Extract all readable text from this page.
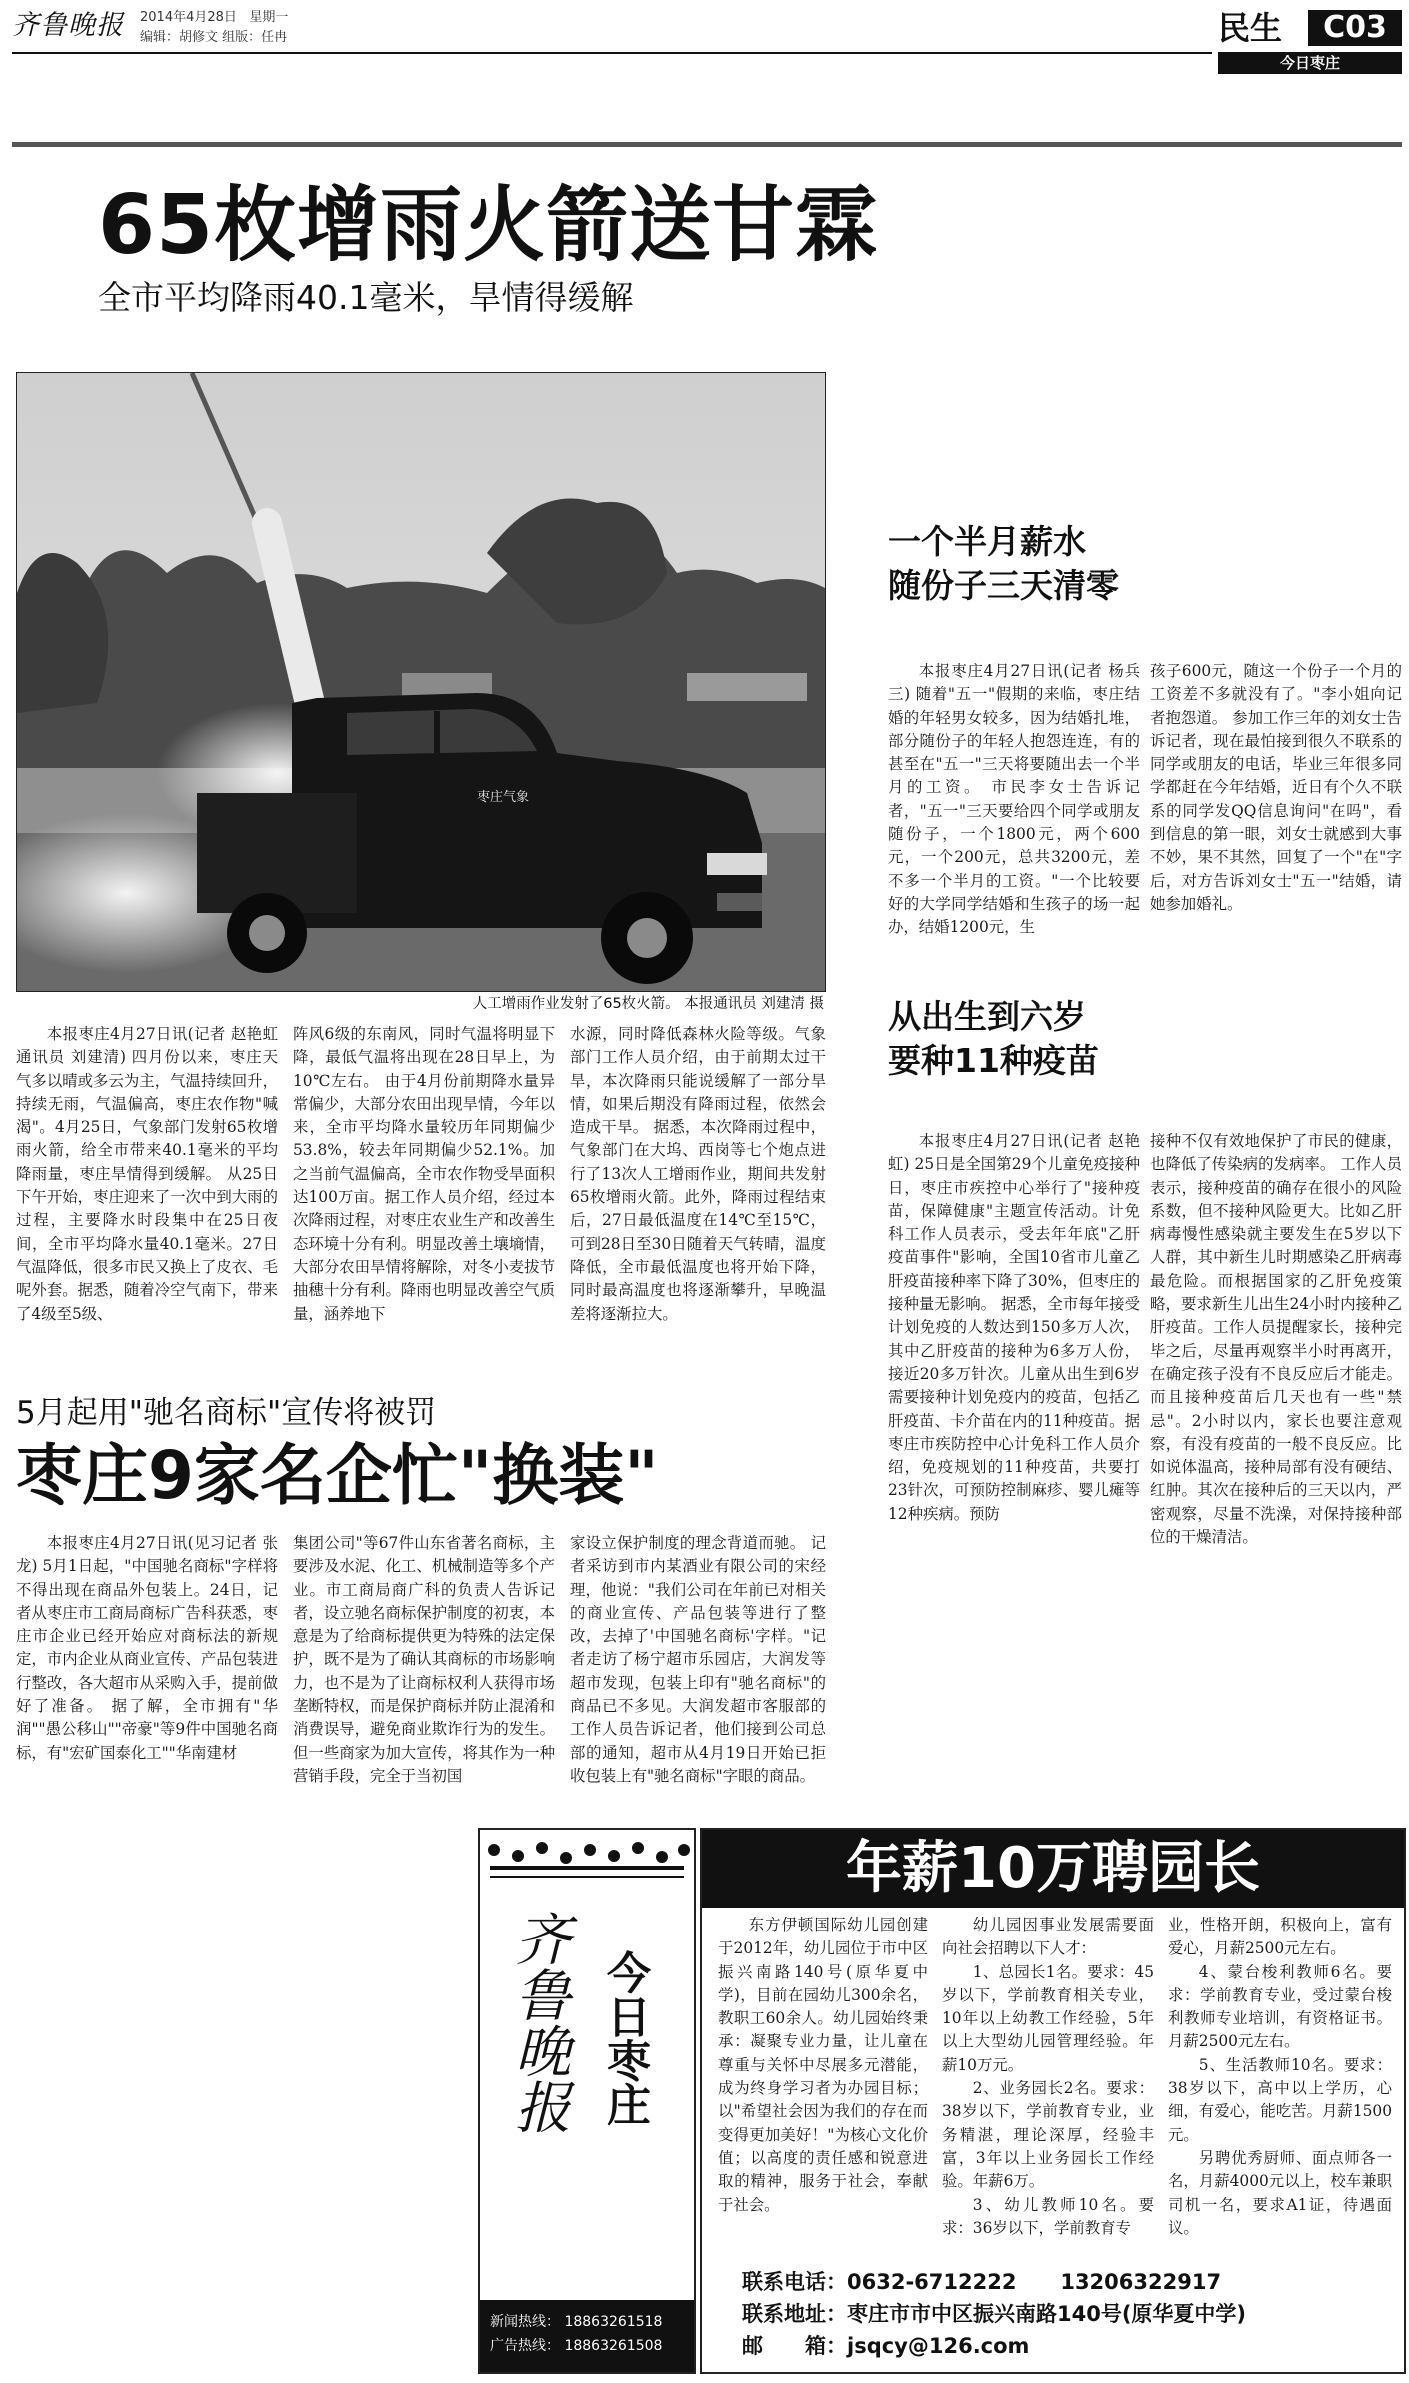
齐鲁晚报	2014年4月28日 星期一
编辑：胡修文 组版：任冉	民生	C03
今日枣庄
65枚增雨火箭送甘霖
全市平均降雨40.1毫米，旱情得缓解
枣庄气象
人工增雨作业发射了65枚火箭。 本报通讯员 刘建清 摄
本报枣庄4月27日讯(记者 赵艳虹 通讯员 刘建清) 四月份以来，枣庄天气多以晴或多云为主，气温持续回升，持续无雨，气温偏高，枣庄农作物"喊渴"。4月25日，气象部门发射65枚增雨火箭，给全市带来40.1毫米的平均降雨量，枣庄旱情得到缓解。 从25日下午开始，枣庄迎来了一次中到大雨的过程，主要降水时段集中在25日夜间，全市平均降水量40.1毫米。27日气温降低，很多市民又换上了皮衣、毛呢外套。据悉，随着冷空气南下，带来了4级至5级、
阵风6级的东南风，同时气温将明显下降，最低气温将出现在28日早上，为10℃左右。 由于4月份前期降水量异常偏少，大部分农田出现旱情，今年以来，全市平均降水量较历年同期偏少53.8%，较去年同期偏少52.1%。加之当前气温偏高，全市农作物受旱面积达100万亩。据工作人员介绍，经过本次降雨过程，对枣庄农业生产和改善生态环境十分有利。明显改善土壤墒情，大部分农田旱情将解除，对冬小麦拔节抽穗十分有利。降雨也明显改善空气质量，涵养地下
水源，同时降低森林火险等级。气象部门工作人员介绍，由于前期太过干旱，本次降雨只能说缓解了一部分旱情，如果后期没有降雨过程，依然会造成干旱。 据悉，本次降雨过程中，气象部门在大坞、西岗等七个炮点进行了13次人工增雨作业，期间共发射65枚增雨火箭。此外，降雨过程结束后，27日最低温度在14℃至15℃，可到28日至30日随着天气转晴，温度降低，全市最低温度也将开始下降，同时最高温度也将逐渐攀升，早晚温差将逐渐拉大。
一个半月薪水
随份子三天清零
本报枣庄4月27日讯(记者 杨兵三) 随着"五一"假期的来临，枣庄结婚的年轻男女较多，因为结婚扎堆，部分随份子的年轻人抱怨连连，有的甚至在"五一"三天将要随出去一个半月的工资。 市民李女士告诉记者，"五一"三天要给四个同学或朋友随份子，一个1800元，两个600元，一个200元，总共3200元，差不多一个半月的工资。"一个比较要好的大学同学结婚和生孩子的场一起办，结婚1200元，生
孩子600元，随这一个份子一个月的工资差不多就没有了。"李小姐向记者抱怨道。 参加工作三年的刘女士告诉记者，现在最怕接到很久不联系的同学或朋友的电话，毕业三年很多同学都赶在今年结婚，近日有个久不联系的同学发QQ信息询问"在吗"，看到信息的第一眼，刘女士就感到大事不妙，果不其然，回复了一个"在"字后，对方告诉刘女士"五一"结婚，请她参加婚礼。
从出生到六岁
要种11种疫苗
本报枣庄4月27日讯(记者 赵艳虹) 25日是全国第29个儿童免疫接种日，枣庄市疾控中心举行了"接种疫苗，保障健康"主题宣传活动。计免科工作人员表示，受去年年底"乙肝疫苗事件"影响，全国10省市儿童乙肝疫苗接种率下降了30%，但枣庄的接种量无影响。 据悉，全市每年接受计划免疫的人数达到150多万人次，其中乙肝疫苗的接种为6多万人份，接近20多万针次。儿童从出生到6岁需要接种计划免疫内的疫苗，包括乙肝疫苗、卡介苗在内的11种疫苗。据枣庄市疾防控中心计免科工作人员介绍，免疫规划的11种疫苗，共要打23针次，可预防控制麻疹、婴儿瘫等12种疾病。预防
接种不仅有效地保护了市民的健康，也降低了传染病的发病率。 工作人员表示，接种疫苗的确存在很小的风险系数，但不接种风险更大。比如乙肝病毒慢性感染就主要发生在5岁以下人群，其中新生儿时期感染乙肝病毒最危险。而根据国家的乙肝免疫策略，要求新生儿出生24小时内接种乙肝疫苗。工作人员提醒家长，接种完毕之后，尽量再观察半小时再离开，在确定孩子没有不良反应后才能走。而且接种疫苗后几天也有一些"禁忌"。2小时以内，家长也要注意观察，有没有疫苗的一般不良反应。比如说体温高，接种局部有没有硬结、红肿。其次在接种后的三天以内，严密观察，尽量不洗澡，对保持接种部位的干燥清洁。
5月起用"驰名商标"宣传将被罚
枣庄9家名企忙"换装"
本报枣庄4月27日讯(见习记者 张龙) 5月1日起，"中国驰名商标"字样将不得出现在商品外包装上。24日，记者从枣庄市工商局商标广告科获悉，枣庄市企业已经开始应对商标法的新规定，市内企业从商业宣传、产品包装进行整改，各大超市从采购入手，提前做好了准备。 据了解，全市拥有"华润""愚公移山""帝豪"等9件中国驰名商标，有"宏矿国泰化工""华南建材
集团公司"等67件山东省著名商标，主要涉及水泥、化工、机械制造等多个产业。市工商局商广科的负责人告诉记者，设立驰名商标保护制度的初衷，本意是为了给商标提供更为特殊的法定保护，既不是为了确认其商标的市场影响力，也不是为了让商标权利人获得市场垄断特权，而是保护商标并防止混淆和消费误导，避免商业欺诈行为的发生。但一些商家为加大宣传，将其作为一种营销手段，完全于当初国
家设立保护制度的理念背道而驰。 记者采访到市内某酒业有限公司的宋经理，他说："我们公司在年前已对相关的商业宣传、产品包装等进行了整改，去掉了'中国驰名商标'字样。"记者走访了杨宁超市乐园店，大润发等超市发现，包装上印有"驰名商标"的商品已不多见。大润发超市客服部的工作人员告诉记者，他们接到公司总部的通知，超市从4月19日开始已拒收包装上有"驰名商标"字眼的商品。
齐鲁晚报 今日枣庄
新闻热线： 18863261518
广告热线： 18863261508
年薪10万聘园长
东方伊顿国际幼儿园创建于2012年，幼儿园位于市中区振兴南路140号(原华夏中学)，目前在园幼儿300余名，教职工60余人。幼儿园始终秉承：凝聚专业力量，让儿童在尊重与关怀中尽展多元潜能，成为终身学习者为办园目标；以"希望社会因为我们的存在而变得更加美好！"为核心文化价值；以高度的责任感和锐意进取的精神，服务于社会，奉献于社会。

幼儿园因事业发展需要面向社会招聘以下人才：

1、总园长1名。要求：45岁以下，学前教育相关专业，10年以上幼教工作经验，5年以上大型幼儿园管理经验。年薪10万元。

2、业务园长2名。要求：38岁以下，学前教育专业，业务精湛，理论深厚，经验丰富，3年以上业务园长工作经验。年薪6万。

3、幼儿教师10名。要求：36岁以下，学前教育专

业，性格开朗，积极向上，富有爱心，月薪2500元左右。

4、蒙台梭利教师6名。要求：学前教育专业，受过蒙台梭利教师专业培训，有资格证书。月薪2500元左右。

5、生活教师10名。要求：38岁以下，高中以上学历，心细，有爱心，能吃苦。月薪1500元。

另聘优秀厨师、面点师各一名，月薪4000元以上，校车兼职司机一名，要求A1证，待遇面议。

联系电话：0632-6712222 13206322917
联系地址：枣庄市市中区振兴南路140号(原华夏中学)
邮　　箱：jsqcy@126.com
